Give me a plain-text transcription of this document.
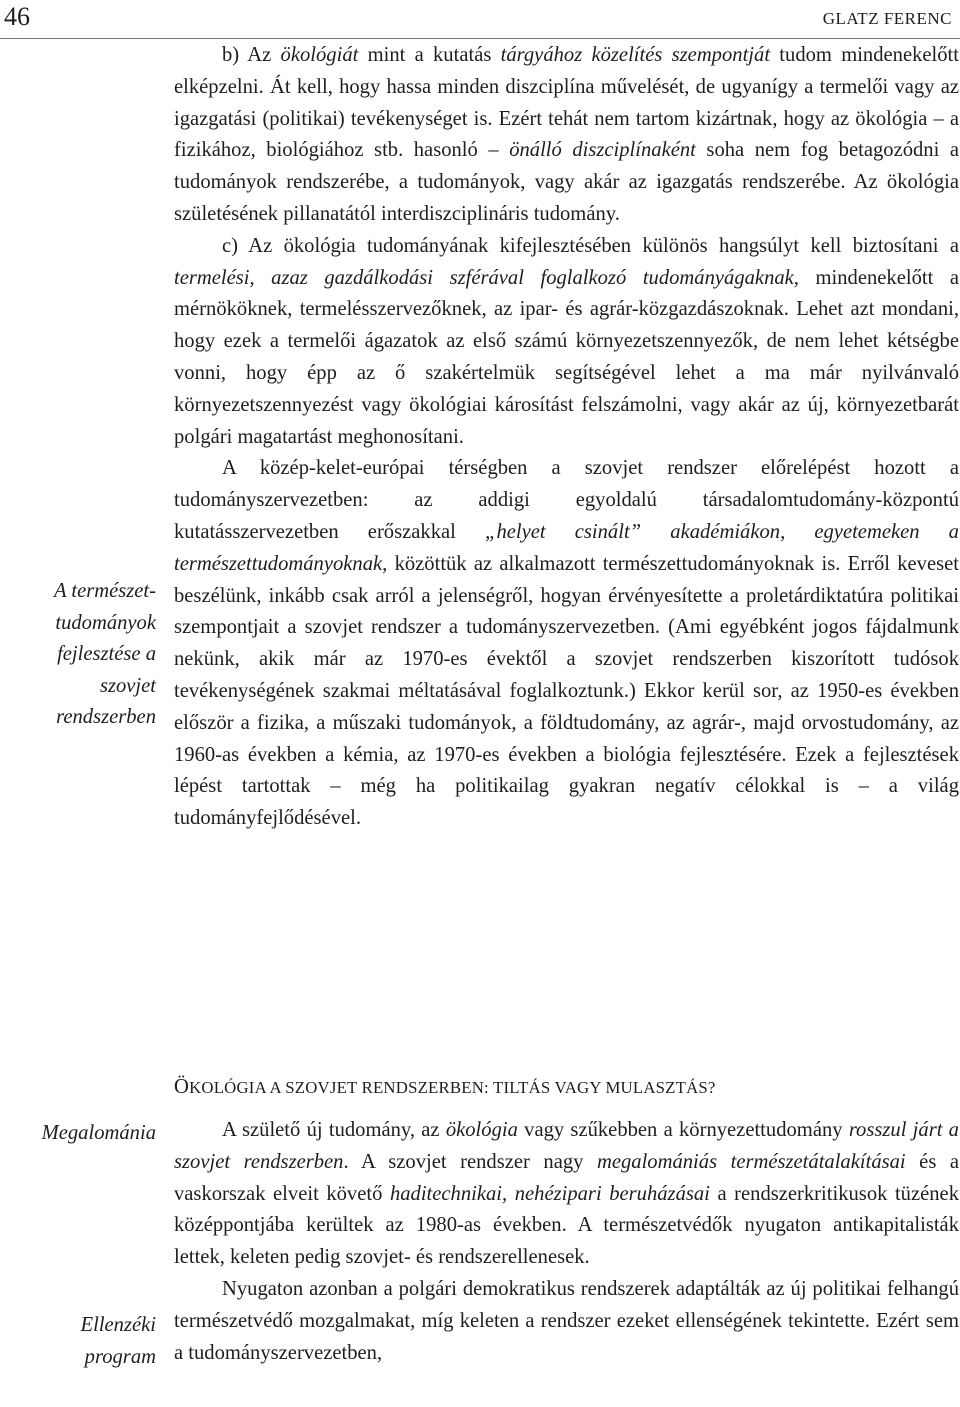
46	GLATZ FERENC
A természet-
tudományok
fejlesztése a
szovjet
rendszerben
Megalománia
Ellenzéki
program

b) Az ökológiát mint a kutatás tárgyához közelítés szempontját tudom mindenekelőtt elképzelni. Át kell, hogy hassa minden diszciplína művelését, de ugyanígy a termelői vagy az igazgatási (politikai) tevékenységet is. Ezért tehát nem tartom kizártnak, hogy az ökológia – a fizikához, biológiához stb. hasonló – önálló diszciplínaként soha nem fog betagozódni a tudományok rendszerébe, a tudományok, vagy akár az igazgatás rendszerébe. Az ökológia születésének pillanatától interdiszciplináris tudomány.

c) Az ökológia tudományának kifejlesztésében különös hangsúlyt kell biztosítani a termelési, azaz gazdálkodási szférával foglalkozó tudományágaknak, mindenekelőtt a mérnököknek, termelésszervezőknek, az ipar- és agrár-közgazdászoknak. Lehet azt mondani, hogy ezek a termelői ágazatok az első számú környezetszennyezők, de nem lehet kétségbe vonni, hogy épp az ő szakértelmük segítségével lehet a ma már nyilvánvaló környezetszennyezést vagy ökológiai károsítást felszámolni, vagy akár az új, környezetbarát polgári magatartást meghonosítani.

A közép-kelet-európai térségben a szovjet rendszer előrelépést hozott a tudományszervezetben: az addigi egyoldalú társadalomtudomány-központú kutatásszervezetben erőszakkal „helyet csinált” akadémiákon, egyetemeken a természettudományoknak, közöttük az alkalmazott természettudományoknak is. Erről keveset beszélünk, inkább csak arról a jelenségről, hogyan érvényesítette a proletárdiktatúra politikai szempontjait a szovjet rendszer a tudományszervezetben. (Ami egyébként jogos fájdalmunk nekünk, akik már az 1970-es évektől a szovjet rendszerben kiszorított tudósok tevékenységének szakmai méltatásával foglalkoztunk.) Ekkor kerül sor, az 1950-es években először a fizika, a műszaki tudományok, a földtudomány, az agrár-, majd orvostudomány, az 1960-as években a kémia, az 1970-es években a biológia fejlesztésére. Ezek a fejlesztések lépést tartottak – még ha politikailag gyakran negatív célokkal is – a világ tudományfejlődésével.

ÖKOLÓGIA A SZOVJET RENDSZERBEN: TILTÁS VAGY MULASZTÁS?

A születő új tudomány, az ökológia vagy szűkebben a környezettudomány rosszul járt a szovjet rendszerben. A szovjet rendszer nagy megalomániás természetátalakításai és a vaskorszak elveit követő haditechnikai, nehézipari beruházásai a rendszerkritikusok tüzének középpontjába kerültek az 1980-as években. A természetvédők nyugaton antikapitalisták lettek, keleten pedig szovjet- és rendszerellenesek.

Nyugaton azonban a polgári demokratikus rendszerek adaptálták az új politikai felhangú természetvédő mozgalmakat, míg keleten a rendszer ezeket ellenségének tekintette. Ezért sem a tudományszervezetben,
